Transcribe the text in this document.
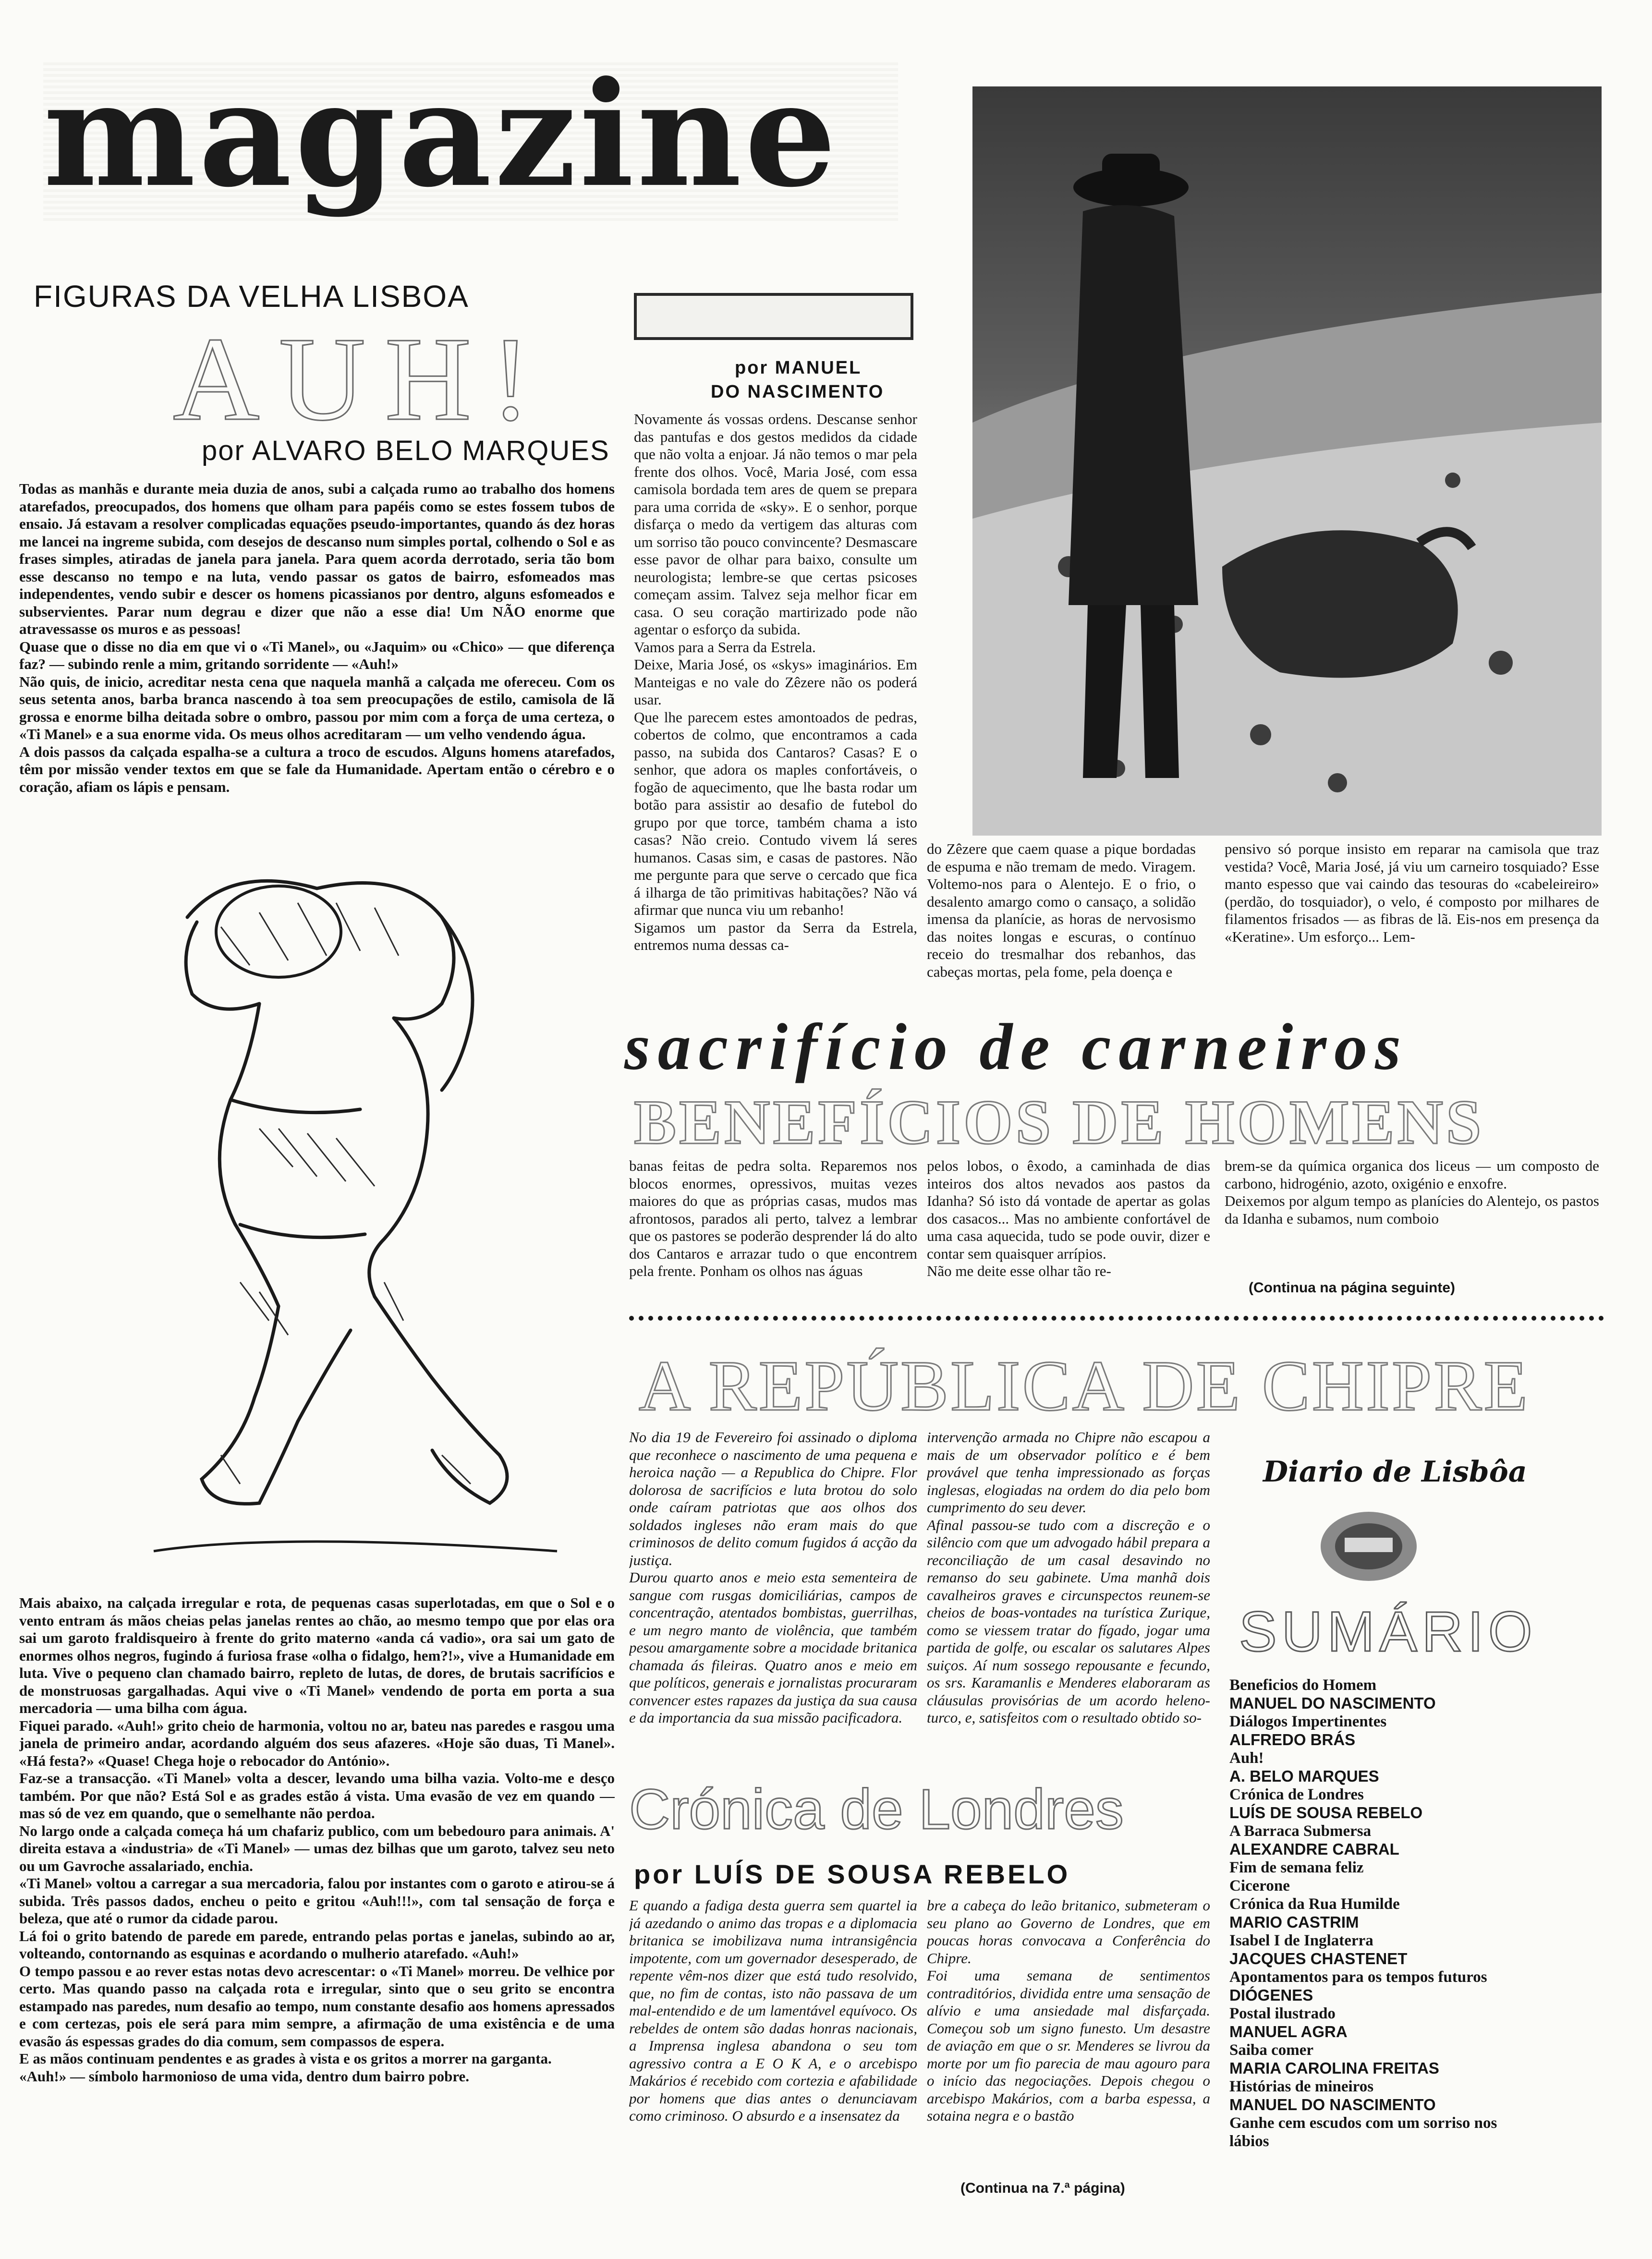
magazine
FIGURAS DA VELHA LISBOA
AUH!
por ALVARO BELO MARQUES
Todas as manhãs e durante meia duzia de anos, subi a calçada rumo ao trabalho dos homens atarefados, preocupados, dos homens que olham para papéis como se estes fossem tubos de ensaio. Já estavam a resolver complicadas equações pseudo-importantes, quando ás dez horas me lancei na ingreme subida, com desejos de descanso num simples portal, colhendo o Sol e as frases simples, atiradas de janela para janela. Para quem acorda derrotado, seria tão bom esse descanso no tempo e na luta, vendo passar os gatos de bairro, esfomeados mas independentes, vendo subir e descer os homens picassianos por dentro, alguns esfomeados e subservientes. Parar num degrau e dizer que não a esse dia! Um NÃO enorme que atravessasse os muros e as pessoas!
Quase que o disse no dia em que vi o «Ti Manel», ou «Jaquim» ou «Chico» — que diferença faz? — subindo renle a mim, gritando sorridente — «Auh!»
Não quis, de inicio, acreditar nesta cena que naquela manhã a calçada me ofereceu. Com os seus setenta anos, barba branca nascendo à toa sem preocupações de estilo, camisola de lã grossa e enorme bilha deitada sobre o ombro, passou por mim com a força de uma certeza, o «Ti Manel» e a sua enorme vida. Os meus olhos acreditaram — um velho vendendo água.
A dois passos da calçada espalha-se a cultura a troco de escudos. Alguns homens atarefados, têm por missão vender textos em que se fale da Humanidade. Apertam então o cérebro e o coração, afiam os lápis e pensam.
Mais abaixo, na calçada irregular e rota, de pequenas casas superlotadas, em que o Sol e o vento entram ás mãos cheias pelas janelas rentes ao chão, ao mesmo tempo que por elas ora sai um garoto fraldisqueiro à frente do grito materno «anda cá vadio», ora sai um gato de enormes olhos negros, fugindo á furiosa frase «olha o fidalgo, hem?!», vive a Humanidade em luta. Vive o pequeno clan chamado bairro, repleto de lutas, de dores, de brutais sacrifícios e de monstruosas gargalhadas. Aqui vive o «Ti Manel» vendendo de porta em porta a sua mercadoria — uma bilha com água.
Fiquei parado. «Auh!» grito cheio de harmonia, voltou no ar, bateu nas paredes e rasgou uma janela de primeiro andar, acordando alguém dos seus afazeres. «Hoje são duas, Ti Manel». «Há festa?» «Quase! Chega hoje o rebocador do António».
Faz-se a transacção. «Ti Manel» volta a descer, levando uma bilha vazia. Volto-me e desço também. Por que não? Está Sol e as grades estão á vista. Uma evasão de vez em quando — mas só de vez em quando, que o semelhante não perdoa.
No largo onde a calçada começa há um chafariz publico, com um bebedouro para animais. A' direita estava a «industria» de «Ti Manel» — umas dez bilhas que um garoto, talvez seu neto ou um Gavroche assalariado, enchia.
«Ti Manel» voltou a carregar a sua mercadoria, falou por instantes com o garoto e atirou-se á subida. Três passos dados, encheu o peito e gritou «Auh!!!», com tal sensação de força e beleza, que até o rumor da cidade parou.
Lá foi o grito batendo de parede em parede, entrando pelas portas e janelas, subindo ao ar, volteando, contornando as esquinas e acordando o mulherio atarefado. «Auh!»
O tempo passou e ao rever estas notas devo acrescentar: o «Ti Manel» morreu. De velhice por certo. Mas quando passo na calçada rota e irregular, sinto que o seu grito se encontra estampado nas paredes, num desafio ao tempo, num constante desafio aos homens apressados e com certezas, pois ele será para mim sempre, a afirmação de uma existência e de uma evasão ás espessas grades do dia comum, sem compassos de espera.
E as mãos continuam pendentes e as grades à vista e os gritos a morrer na garganta.
«Auh!» — símbolo harmonioso de uma vida, dentro dum bairro pobre.
por MANUEL
DO NASCIMENTO
Novamente ás vossas ordens. Descanse senhor das pantufas e dos gestos medidos da cidade que não volta a enjoar. Já não temos o mar pela frente dos olhos. Você, Maria José, com essa camisola bordada tem ares de quem se prepara para uma corrida de «sky». E o senhor, porque disfarça o medo da vertigem das alturas com um sorriso tão pouco convincente? Desmascare esse pavor de olhar para baixo, consulte um neurologista; lembre-se que certas psicoses começam assim. Talvez seja melhor ficar em casa. O seu coração martirizado pode não agentar o esforço da subida.
Vamos para a Serra da Estrela.
Deixe, Maria José, os «skys» imaginários. Em Manteigas e no vale do Zêzere não os poderá usar.
Que lhe parecem estes amontoados de pedras, cobertos de colmo, que encontramos a cada passo, na subida dos Cantaros? Casas? E o senhor, que adora os maples confortáveis, o fogão de aquecimento, que lhe basta rodar um botão para assistir ao desafio de futebol do grupo por que torce, também chama a isto casas? Não creio. Contudo vivem lá seres humanos. Casas sim, e casas de pastores. Não me pergunte para que serve o cercado que fica á ilharga de tão primitivas habitações? Não vá afirmar que nunca viu um rebanho!
Sigamos um pastor da Serra da Estrela, entremos numa dessas ca-
do Zêzere que caem quase a pique bordadas de espuma e não tremam de medo. Viragem. Voltemo-nos para o Alentejo. E o frio, o desalento amargo como o cansaço, a solidão imensa da planície, as horas de nervosismo das noites longas e escuras, o contínuo receio do tresmalhar dos rebanhos, das cabeças mortas, pela fome, pela doença e
pensivo só porque insisto em reparar na camisola que traz vestida? Você, Maria José, já viu um carneiro tosquiado? Esse manto espesso que vai caindo das tesouras do «cabeleireiro» (perdão, do tosquiador), o velo, é composto por milhares de filamentos frisados — as fibras de lã. Eis-nos em presença da «Keratine». Um esforço... Lem-
sacrifício de carneiros
BENEFÍCIOS DE HOMENS
banas feitas de pedra solta. Reparemos nos blocos enormes, opressivos, muitas vezes maiores do que as próprias casas, mudos mas afrontosos, parados ali perto, talvez a lembrar que os pastores se poderão desprender lá do alto dos Cantaros e arrazar tudo o que encontrem pela frente. Ponham os olhos nas águas
pelos lobos, o êxodo, a caminhada de dias inteiros dos altos nevados aos pastos da Idanha? Só isto dá vontade de apertar as golas dos casacos... Mas no ambiente confortável de uma casa aquecida, tudo se pode ouvir, dizer e contar sem quaisquer arrípios.
Não me deite esse olhar tão re-
brem-se da química organica dos liceus — um composto de carbono, hidrogénio, azoto, oxigénio e enxofre.
Deixemos por algum tempo as planícies do Alentejo, os pastos da Idanha e subamos, num comboio
(Continua na página seguinte)
A REPÚBLICA DE CHIPRE
No dia 19 de Fevereiro foi assinado o diploma que reconhece o nascimento de uma pequena e heroica nação — a Republica do Chipre. Flor dolorosa de sacrifícios e luta brotou do solo onde caíram patriotas que aos olhos dos soldados ingleses não eram mais do que criminosos de delito comum fugidos á acção da justiça.
Durou quarto anos e meio esta sementeira de sangue com rusgas domiciliárias, campos de concentração, atentados bombistas, guerrilhas, e um negro manto de violência, que também pesou amargamente sobre a mocidade britanica chamada ás fileiras. Quatro anos e meio em que políticos, generais e jornalistas procuraram convencer estes rapazes da justiça da sua causa e da importancia da sua missão pacificadora.
intervenção armada no Chipre não escapou a mais de um observador político e é bem provável que tenha impressionado as forças inglesas, elogiadas na ordem do dia pelo bom cumprimento do seu dever.
Afinal passou-se tudo com a discreção e o silêncio com que um advogado hábil prepara a reconciliação de um casal desavindo no remanso do seu gabinete. Uma manhã dois cavalheiros graves e circunspectos reunem-se cheios de boas-vontades na turística Zurique, como se viessem tratar do fígado, jogar uma partida de golfe, ou escalar os salutares Alpes suiços. Aí num sossego repousante e fecundo, os srs. Karamanlis e Menderes elaboraram as cláusulas provisórias de um acordo heleno-turco, e, satisfeitos com o resultado obtido so-
Crónica de Londres
por LUÍS DE SOUSA REBELO
E quando a fadiga desta guerra sem quartel ia já azedando o animo das tropas e a diplomacia britanica se imobilizava numa intransigência impotente, com um governador desesperado, de repente vêm-nos dizer que está tudo resolvido, que, no fim de contas, isto não passava de um mal-entendido e de um lamentável equívoco. Os rebeldes de ontem são dadas honras nacionais, a Imprensa inglesa abandona o seu tom agressivo contra a E O K A, e o arcebispo Makários é recebido com cortezia e afabilidade por homens que dias antes o denunciavam como criminoso. O absurdo e a insensatez da
bre a cabeça do leão britanico, submeteram o seu plano ao Governo de Londres, que em poucas horas convocava a Conferência do Chipre.
Foi uma semana de sentimentos contraditórios, dividida entre uma sensação de alívio e uma ansiedade mal disfarçada. Começou sob um signo funesto. Um desastre de aviação em que o sr. Menderes se livrou da morte por um fio parecia de mau agouro para o início das negociações. Depois chegou o arcebispo Makários, com a barba espessa, a sotaina negra e o bastão
(Continua na 7.ª página)
Diario de Lisbôa
SUMÁRIO
Beneficios do Homem
MANUEL DO NASCIMENTO
Diálogos Impertinentes
ALFREDO BRÁS
Auh!
A. BELO MARQUES
Crónica de Londres
LUÍS DE SOUSA REBELO
A Barraca Submersa
ALEXANDRE CABRAL
Fim de semana feliz
Cicerone
Crónica da Rua Humilde
MARIO CASTRIM
Isabel I de Inglaterra
JACQUES CHASTENET
Apontamentos para os tempos futuros
DIÓGENES
Postal ilustrado
MANUEL AGRA
Saiba comer
MARIA CAROLINA FREITAS
Histórias de mineiros
MANUEL DO NASCIMENTO
Ganhe cem escudos com um sorriso nos lábios
